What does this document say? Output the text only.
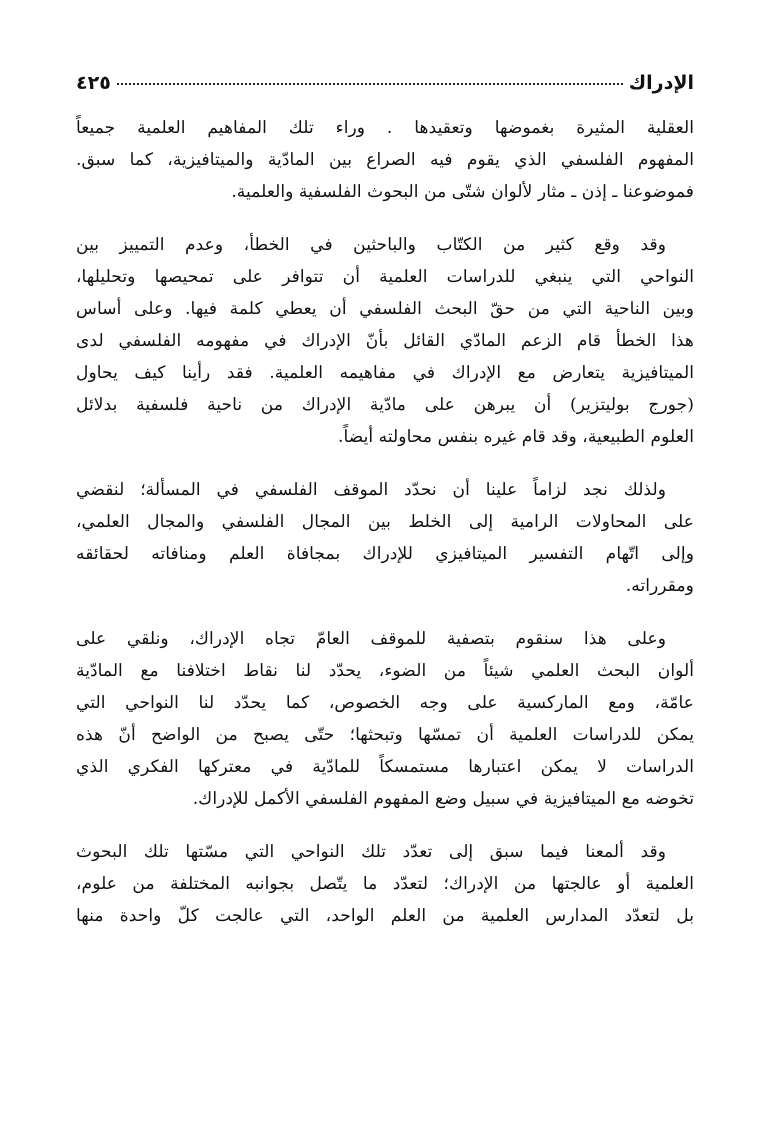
الإدراك
٤٢٥
العقلية المثيرة بغموضها وتعقيدها . وراء تلك المفاهيم العلمية جميعاً
المفهوم الفلسفي الذي يقوم فيه الصراع بين المادّية والميتافيزية، كما سبق.
فموضوعنا ـ إذن ـ مثار لألوان شتّى من البحوث الفلسفية والعلمية.
وقد وقع كثير من الكتّاب والباحثين في الخطأ، وعدم التمييز بين
النواحي التي ينبغي للدراسات العلمية أن تتوافر على تمحيصها وتحليلها،
وبين الناحية التي من حقّ البحث الفلسفي أن يعطي كلمة فيها. وعلى أساس
هذا الخطأ قام الزعم المادّي القائل بأنّ الإدراك في مفهومه الفلسفي لدى
الميتافيزية يتعارض مع الإدراك في مفاهيمه العلمية. فقد رأينا كيف يحاول
(جورج بوليتزير) أن يبرهن على مادّية الإدراك من ناحية فلسفية بدلائل
العلوم الطبيعية، وقد قام غيره بنفس محاولته أيضاً.
ولذلك نجد لزاماً علينا أن نحدّد الموقف الفلسفي في المسألة؛ لنقضي
على المحاولات الرامية إلى الخلط بين المجال الفلسفي والمجال العلمي،
وإلى اتّهام التفسير الميتافيزي للإدراك بمجافاة العلم ومنافاته لحقائقه
ومقرراته.
وعلى هذا سنقوم بتصفية للموقف العامّ تجاه الإدراك، ونلقي على
ألوان البحث العلمي شيئاً من الضوء، يحدّد لنا نقاط اختلافنا مع المادّية
عامّة، ومع الماركسية على وجه الخصوص، كما يحدّد لنا النواحي التي
يمكن للدراسات العلمية أن تمسّها وتبحثها؛ حتّى يصبح من الواضح أنّ هذه
الدراسات لا يمكن اعتبارها مستمسكاً للمادّية في معتركها الفكري الذي
تخوضه مع الميتافيزية في سبيل وضع المفهوم الفلسفي الأكمل للإدراك.
وقد ألمعنا فيما سبق إلى تعدّد تلك النواحي التي مسّتها تلك البحوث
العلمية أو عالجتها من الإدراك؛ لتعدّد ما يتّصل بجوانبه المختلفة من علوم،
بل لتعدّد المدارس العلمية من العلم الواحد، التي عالجت كلّ واحدة منها
